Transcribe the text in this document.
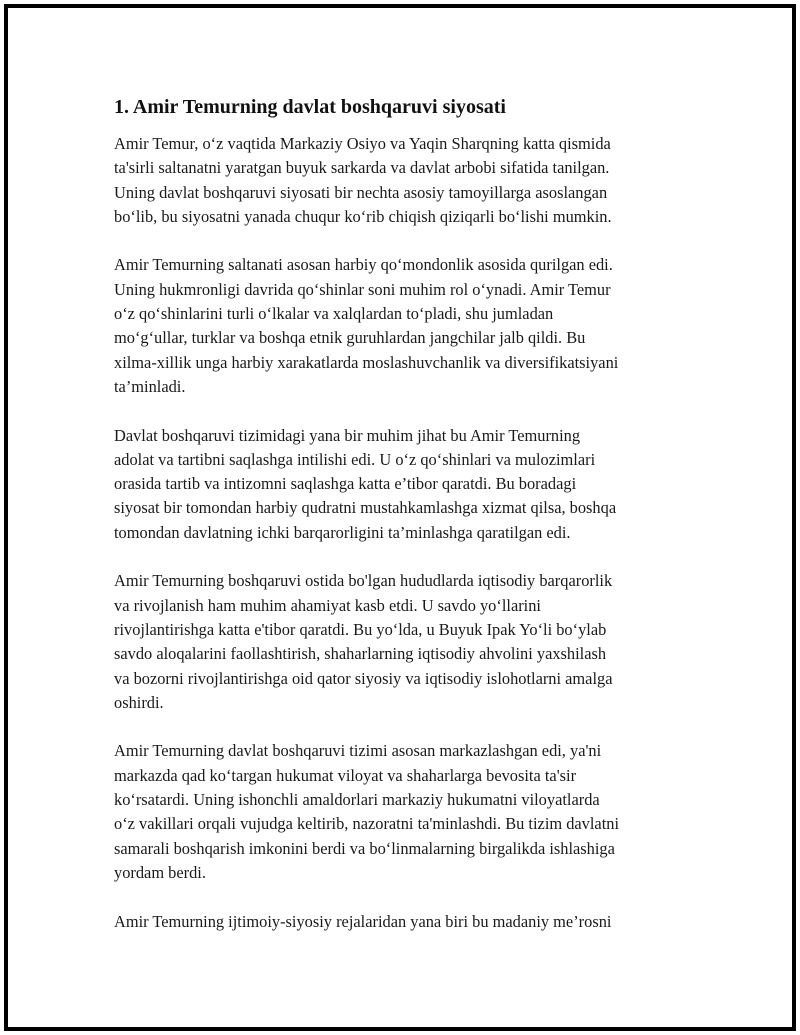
1. Amir Temurning davlat boshqaruvi siyosati
Amir Temur, o‘z vaqtida Markaziy Osiyo va Yaqin Sharqning katta qismida
ta'sirli saltanatni yaratgan buyuk sarkarda va davlat arbobi sifatida tanilgan.
Uning davlat boshqaruvi siyosati bir nechta asosiy tamoyillarga asoslangan
bo‘lib, bu siyosatni yanada chuqur ko‘rib chiqish qiziqarli bo‘lishi mumkin.
Amir Temurning saltanati asosan harbiy qo‘mondonlik asosida qurilgan edi.
Uning hukmronligi davrida qo‘shinlar soni muhim rol o‘ynadi. Amir Temur
o‘z qo‘shinlarini turli o‘lkalar va xalqlardan to‘pladi, shu jumladan
mo‘g‘ullar, turklar va boshqa etnik guruhlardan jangchilar jalb qildi. Bu
xilma-xillik unga harbiy xarakatlarda moslashuvchanlik va diversifikatsiyani
ta’minladi.
Davlat boshqaruvi tizimidagi yana bir muhim jihat bu Amir Temurning
adolat va tartibni saqlashga intilishi edi. U o‘z qo‘shinlari va mulozimlari
orasida tartib va intizomni saqlashga katta e’tibor qaratdi. Bu boradagi
siyosat bir tomondan harbiy qudratni mustahkamlashga xizmat qilsa, boshqa
tomondan davlatning ichki barqarorligini ta’minlashga qaratilgan edi.
Amir Temurning boshqaruvi ostida bo'lgan hududlarda iqtisodiy barqarorlik
va rivojlanish ham muhim ahamiyat kasb etdi. U savdo yo‘llarini
rivojlantirishga katta e'tibor qaratdi. Bu yo‘lda, u Buyuk Ipak Yo‘li bo‘ylab
savdo aloqalarini faollashtirish, shaharlarning iqtisodiy ahvolini yaxshilash
va bozorni rivojlantirishga oid qator siyosiy va iqtisodiy islohotlarni amalga
oshirdi.
Amir Temurning davlat boshqaruvi tizimi asosan markazlashgan edi, ya'ni
markazda qad ko‘targan hukumat viloyat va shaharlarga bevosita ta'sir
ko‘rsatardi. Uning ishonchli amaldorlari markaziy hukumatni viloyatlarda
o‘z vakillari orqali vujudga keltirib, nazoratni ta'minlashdi. Bu tizim davlatni
samarali boshqarish imkonini berdi va bo‘linmalarning birgalikda ishlashiga
yordam berdi.
Amir Temurning ijtimoiy-siyosiy rejalaridan yana biri bu madaniy me’rosni
